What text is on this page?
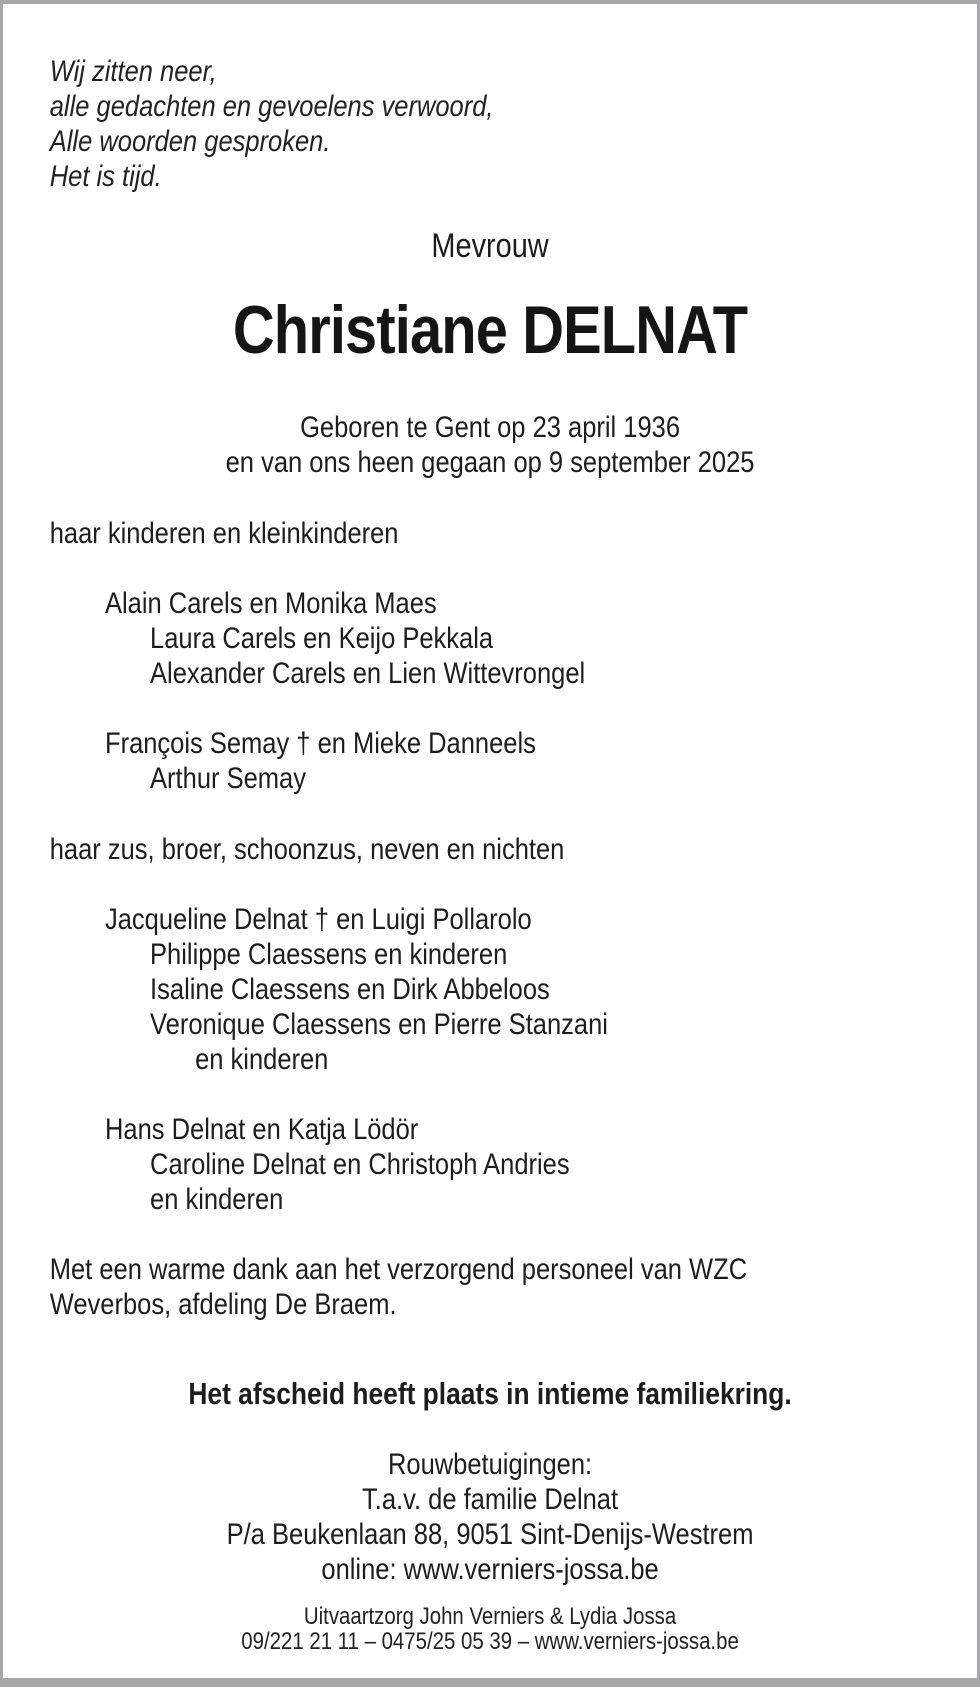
Wij zitten neer,
alle gedachten en gevoelens verwoord,
Alle woorden gesproken.
Het is tijd.
Mevrouw
Christiane DELNAT
Geboren te Gent op 23 april 1936
en van ons heen gegaan op 9 september 2025
haar kinderen en kleinkinderen
Alain Carels en Monika Maes
Laura Carels en Keijo Pekkala
Alexander Carels en Lien Wittevrongel
François Semay † en Mieke Danneels
Arthur Semay
haar zus, broer, schoonzus, neven en nichten
Jacqueline Delnat † en Luigi Pollarolo
Philippe Claessens en kinderen
Isaline Claessens en Dirk Abbeloos
Veronique Claessens en Pierre Stanzani
en kinderen
Hans Delnat en Katja Lödör
Caroline Delnat en Christoph Andries
en kinderen
Met een warme dank aan het verzorgend personeel van WZC
Weverbos, afdeling De Braem.
Het afscheid heeft plaats in intieme familiekring.
Rouwbetuigingen:
T.a.v. de familie Delnat
P/a Beukenlaan 88, 9051 Sint-Denijs-Westrem
online: www.verniers-jossa.be
Uitvaartzorg John Verniers & Lydia Jossa
09/221 21 11 – 0475/25 05 39 – www.verniers-jossa.be
